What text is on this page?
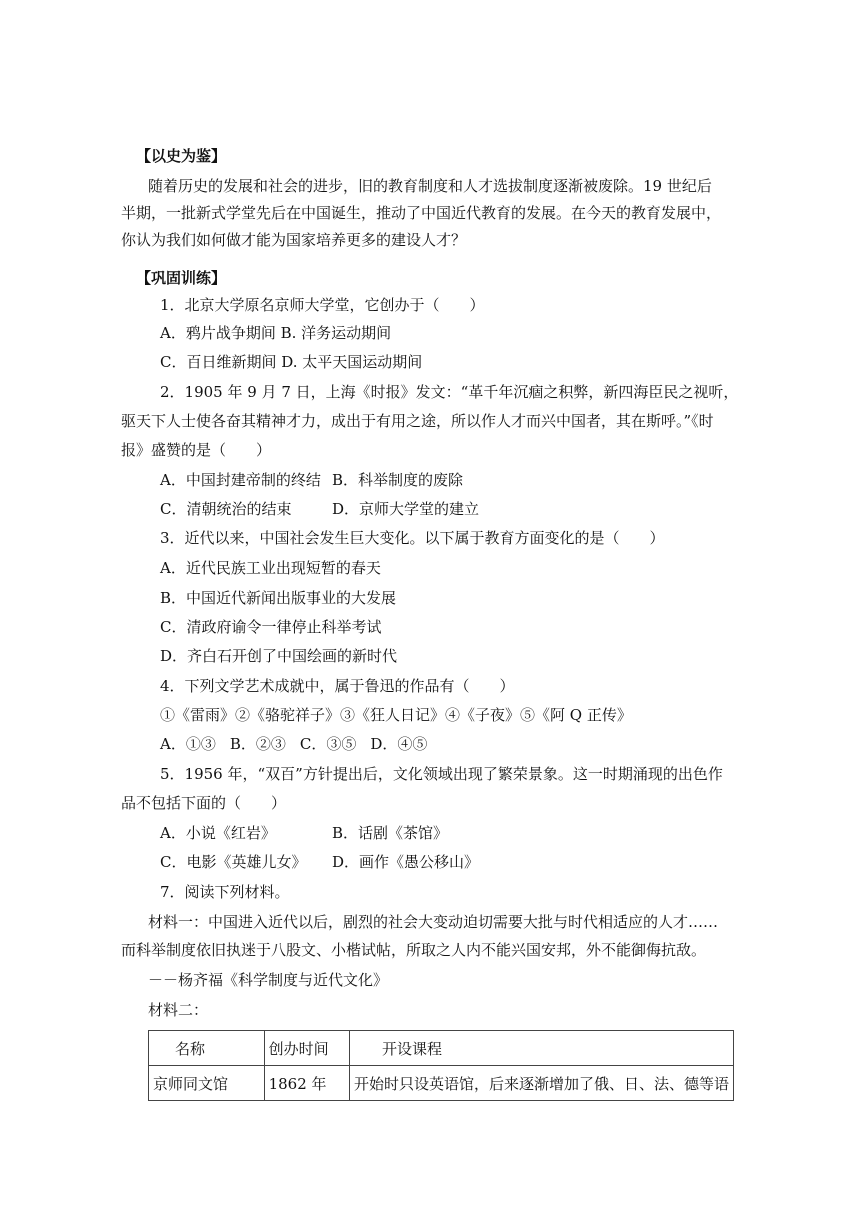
【以史为鉴】
随着历史的发展和社会的进步，旧的教育制度和人才选拔制度逐渐被废除。19 世纪后
半期，一批新式学堂先后在中国诞生，推动了中国近代教育的发展。在今天的教育发展中，
你认为我们如何做才能为国家培养更多的建设人才？
【巩固训练】
1．北京大学原名京师大学堂，它创办于（　　）
A．鸦片战争期间 B. 洋务运动期间
C．百日维新期间 D. 太平天国运动期间
2．1905 年 9 月 7 日，上海《时报》发文：“革千年沉痼之积弊，新四海臣民之视听，
驱天下人士使各奋其精神才力，成出于有用之途，所以作人才而兴中国者，其在斯呼。”《时
报》盛赞的是（　　）
A．中国封建帝制的终结 B．科举制度的废除
C．清朝统治的结束	D．京师大学堂的建立
3．近代以来，中国社会发生巨大变化。以下属于教育方面变化的是（　　）
A．近代民族工业出现短暂的春天
B．中国近代新闻出版事业的大发展
C．清政府谕令一律停止科举考试
D．齐白石开创了中国绘画的新时代
4．下列文学艺术成就中，属于鲁迅的作品有（　　）
①《雷雨》②《骆驼祥子》③《狂人日记》④《子夜》⑤《阿 Q 正传》
A．①③ B．②③ C．③⑤ D．④⑤
5．1956 年，“双百”方针提出后，文化领域出现了繁荣景象。这一时期涌现的出色作
品不包括下面的（　　）
A．小说《红岩》	B．话剧《茶馆》
C．电影《英雄儿女》 D．画作《愚公移山》
7．阅读下列材料。
材料一：中国进入近代以后，剧烈的社会大变动迫切需要大批与时代相适应的人才……
而科举制度依旧执迷于八股文、小楷试帖，所取之人内不能兴国安邦，外不能御侮抗敌。
－－杨齐福《科学制度与近代文化》
材料二：
名称	创办时间	开设课程
京师同文馆	1862 年	开始时只设英语馆，后来逐渐增加了俄、日、法、德等语
